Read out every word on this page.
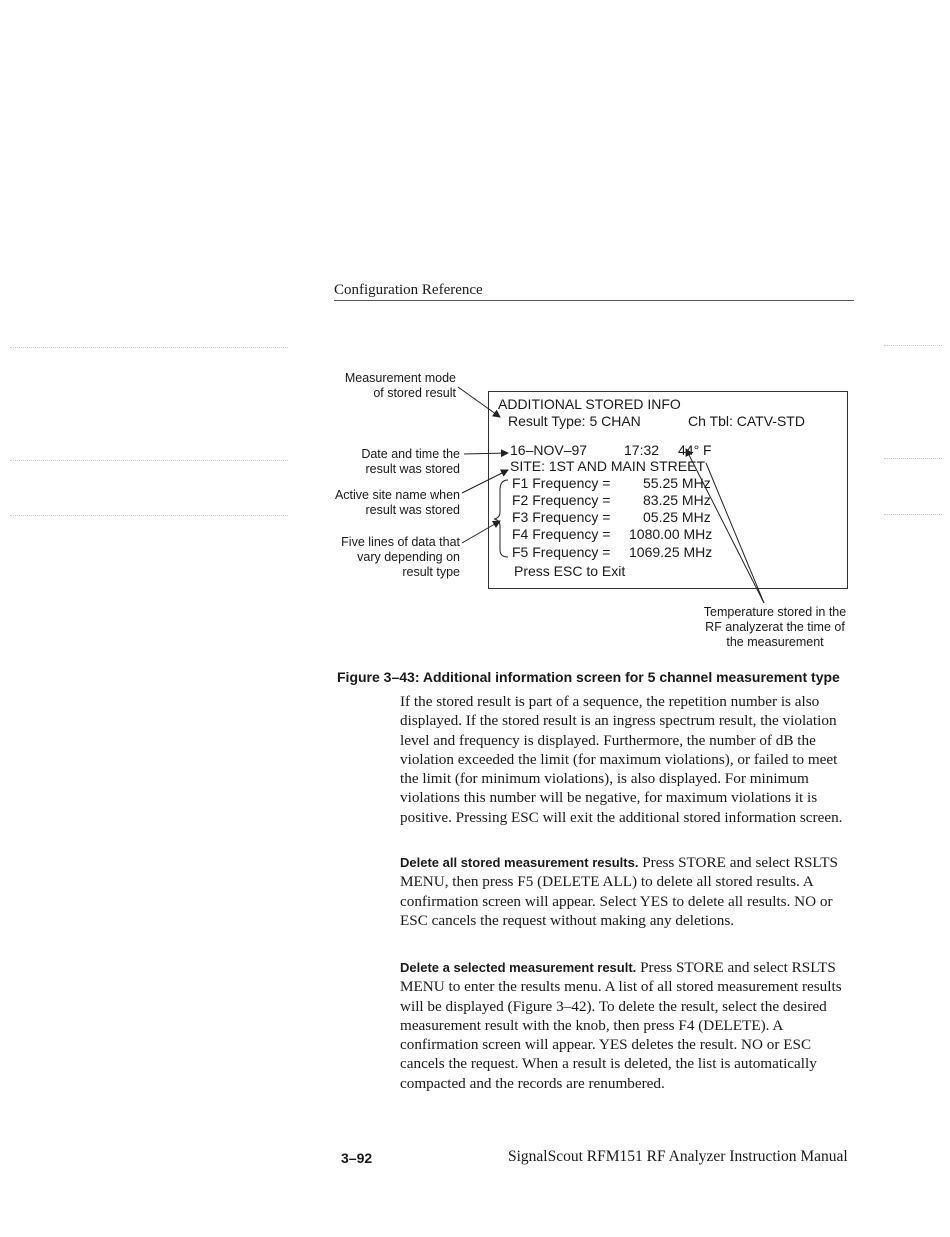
Configuration Reference
ADDITIONAL STORED INFO
Result Type: 5 CHAN	Ch Tbl: CATV-STD
16–NOV–97	17:32 44° F
SITE: 1ST AND MAIN STREET
F1 Frequency = 55.25 MHz
F2 Frequency = 83.25 MHz
F3 Frequency = 05.25 MHz
F4 Frequency = 1080.00 MHz
F5 Frequency = 1069.25 MHz
Press ESC to Exit
Measurement mode
of stored result
Date and time the
result was stored
Active site name when
result was stored
Five lines of data that
vary depending on
result type
Temperature stored in the
RF analyzerat the time of
the measurement
Figure 3–43: Additional information screen for 5 channel measurement type

If the stored result is part of a sequence, the repetition number is also displayed. If the stored result is an ingress spectrum result, the violation level and frequency is displayed. Furthermore, the number of dB the violation exceeded the limit (for maximum violations), or failed to meet the limit (for minimum violations), is also displayed. For minimum violations this number will be negative, for maximum violations it is positive. Pressing ESC will exit the additional stored information screen.

Delete all stored measurement results. Press STORE and select RSLTS MENU, then press F5 (DELETE ALL) to delete all stored results. A confirmation screen will appear. Select YES to delete all results. NO or ESC cancels the request without making any deletions.

Delete a selected measurement result. Press STORE and select RSLTS MENU to enter the results menu. A list of all stored measurement results will be displayed (Figure 3–42). To delete the result, select the desired measurement result with the knob, then press F4 (DELETE). A confirmation screen will appear. YES deletes the result. NO or ESC cancels the request. When a result is deleted, the list is automatically compacted and the records are renumbered.

3–92	SignalScout RFM151 RF Analyzer Instruction Manual
